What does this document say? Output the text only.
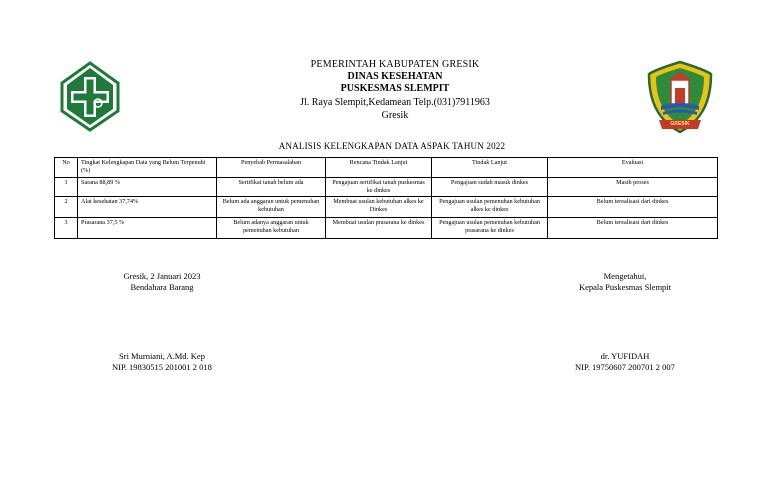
GRESIK
PEMERINTAH KABUPATEN GRESIK
DINAS KESEHATAN
PUSKESMAS SLEMPIT
Jl. Raya Slempit,Kedamean Telp.(031)7911963
Gresik
ANALISIS KELENGKAPAN DATA ASPAK TAHUN 2022
No	Tingkat Kelengkapan Data yang Belum Terpenuhi (%)	Penyebab Permasalahan	Rencana Tindak Lanjut	Tindak Lanjut	Evaluasi
1	Sarana 88,89 %	Sertifikat tanah belum ada	Pengajuan sertifikat tanah puskesmas ke dinkes	Pengajuan sudah masuk dinkes	Masih proses
2	Alat kesehatan 37,74%	Belum ada anggaran untuk pemenuhan kebutuhan	Membuat usulan kebutuhan alkes ke Dinkes	Pengajuan usulan pemenuhan kebutuhan alkes ke dinkes	Belum terealisasi dari dinkes
3	Prasarana 37,5 %	Belum adanya anggaran untuk pemenuhan kebutuhan	Membuat usulan prasarana ke dinkes	Pengajuan usulan pemenuhan kebutuhan prasarana ke dinkes	Belum terealisasi dari dinkes
Gresik, 2 Januari 2023
Bendahara Barang
Sri Murniani, A.Md. Kep
NIP. 19830515 201001 2 018
Mengetahui,
Kepala Puskesmas Slempit
dr. YUFIDAH
NIP. 19750607 200701 2 007
